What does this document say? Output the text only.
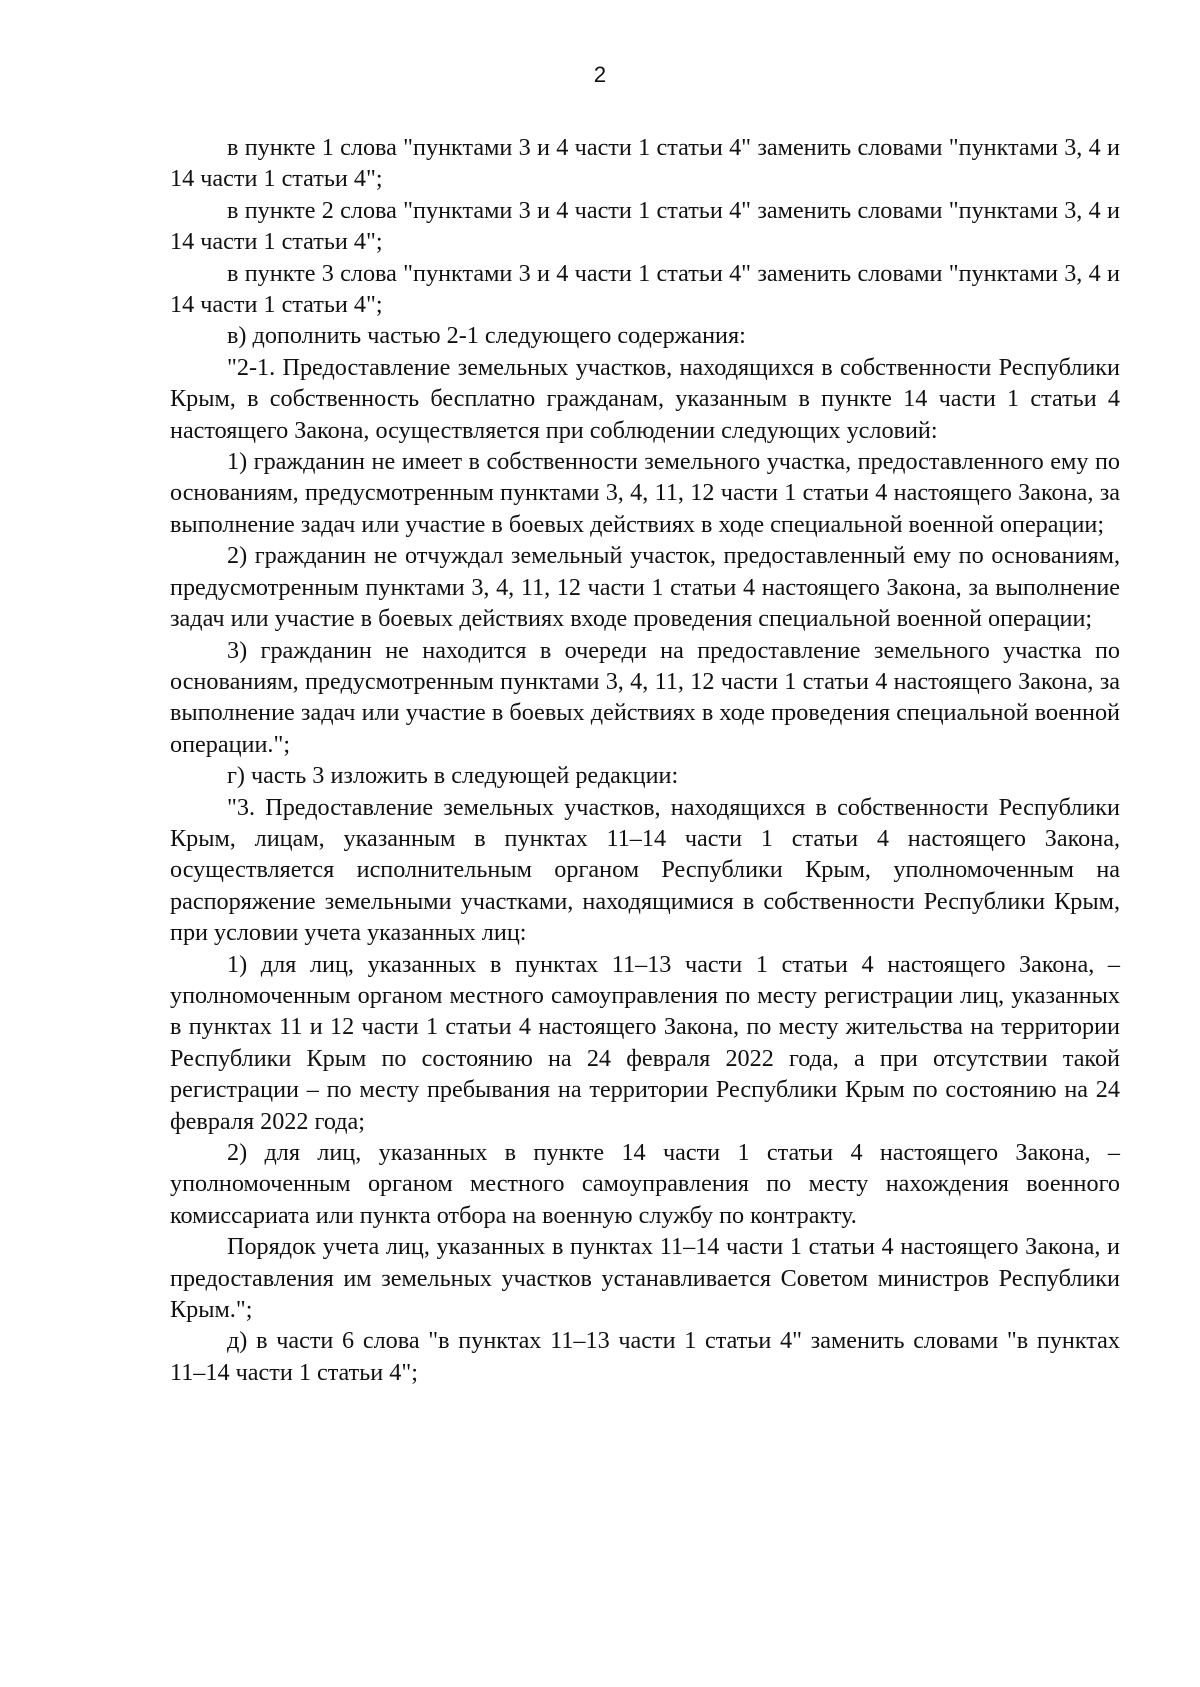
2

в пункте 1 слова "пунктами 3 и 4 части 1 статьи 4" заменить словами "пунктами 3, 4 и 14 части 1 статьи 4";

в пункте 2 слова "пунктами 3 и 4 части 1 статьи 4" заменить словами "пунктами 3, 4 и 14 части 1 статьи 4";

в пункте 3 слова "пунктами 3 и 4 части 1 статьи 4" заменить словами "пунктами 3, 4 и 14 части 1 статьи 4";

в) дополнить частью 2-1 следующего содержания:

"2-1. Предоставление земельных участков, находящихся в собственности Республики Крым, в собственность бесплатно гражданам, указанным в пункте 14 части 1 статьи 4 настоящего Закона, осуществляется при соблюдении следующих условий:

1) гражданин не имеет в собственности земельного участка, предоставленного ему по основаниям, предусмотренным пунктами 3, 4, 11, 12 части 1 статьи 4 настоящего Закона, за выполнение задач или участие в боевых действиях в ходе специальной военной операции;

2) гражданин не отчуждал земельный участок, предоставленный ему по основаниям, предусмотренным пунктами 3, 4, 11, 12 части 1 статьи 4 настоящего Закона, за выполнение задач или участие в боевых действиях входе проведения специальной военной операции;

3) гражданин не находится в очереди на предоставление земельного участка по основаниям, предусмотренным пунктами 3, 4, 11, 12 части 1 статьи 4 настоящего Закона, за выполнение задач или участие в боевых действиях в ходе проведения специальной военной операции.";

г) часть 3 изложить в следующей редакции:

"3. Предоставление земельных участков, находящихся в собственности Республики Крым, лицам, указанным в пунктах 11–14 части 1 статьи 4 настоящего Закона, осуществляется исполнительным органом Республики Крым, уполномоченным на распоряжение земельными участками, находящимися в собственности Республики Крым, при условии учета указанных лиц:

1) для лиц, указанных в пунктах 11–13 части 1 статьи 4 настоящего Закона, – уполномоченным органом местного самоуправления по месту регистрации лиц, указанных в пунктах 11 и 12 части 1 статьи 4 настоящего Закона, по месту жительства на территории Республики Крым по состоянию на 24 февраля 2022 года, а при отсутствии такой регистрации – по месту пребывания на территории Республики Крым по состоянию на 24 февраля 2022 года;

2) для лиц, указанных в пункте 14 части 1 статьи 4 настоящего Закона, – уполномоченным органом местного самоуправления по месту нахождения военного комиссариата или пункта отбора на военную службу по контракту.

Порядок учета лиц, указанных в пунктах 11–14 части 1 статьи 4 настоящего Закона, и предоставления им земельных участков устанавливается Советом министров Республики Крым.";

д) в части 6 слова "в пунктах 11–13 части 1 статьи 4" заменить словами "в пунктах 11–14 части 1 статьи 4";
